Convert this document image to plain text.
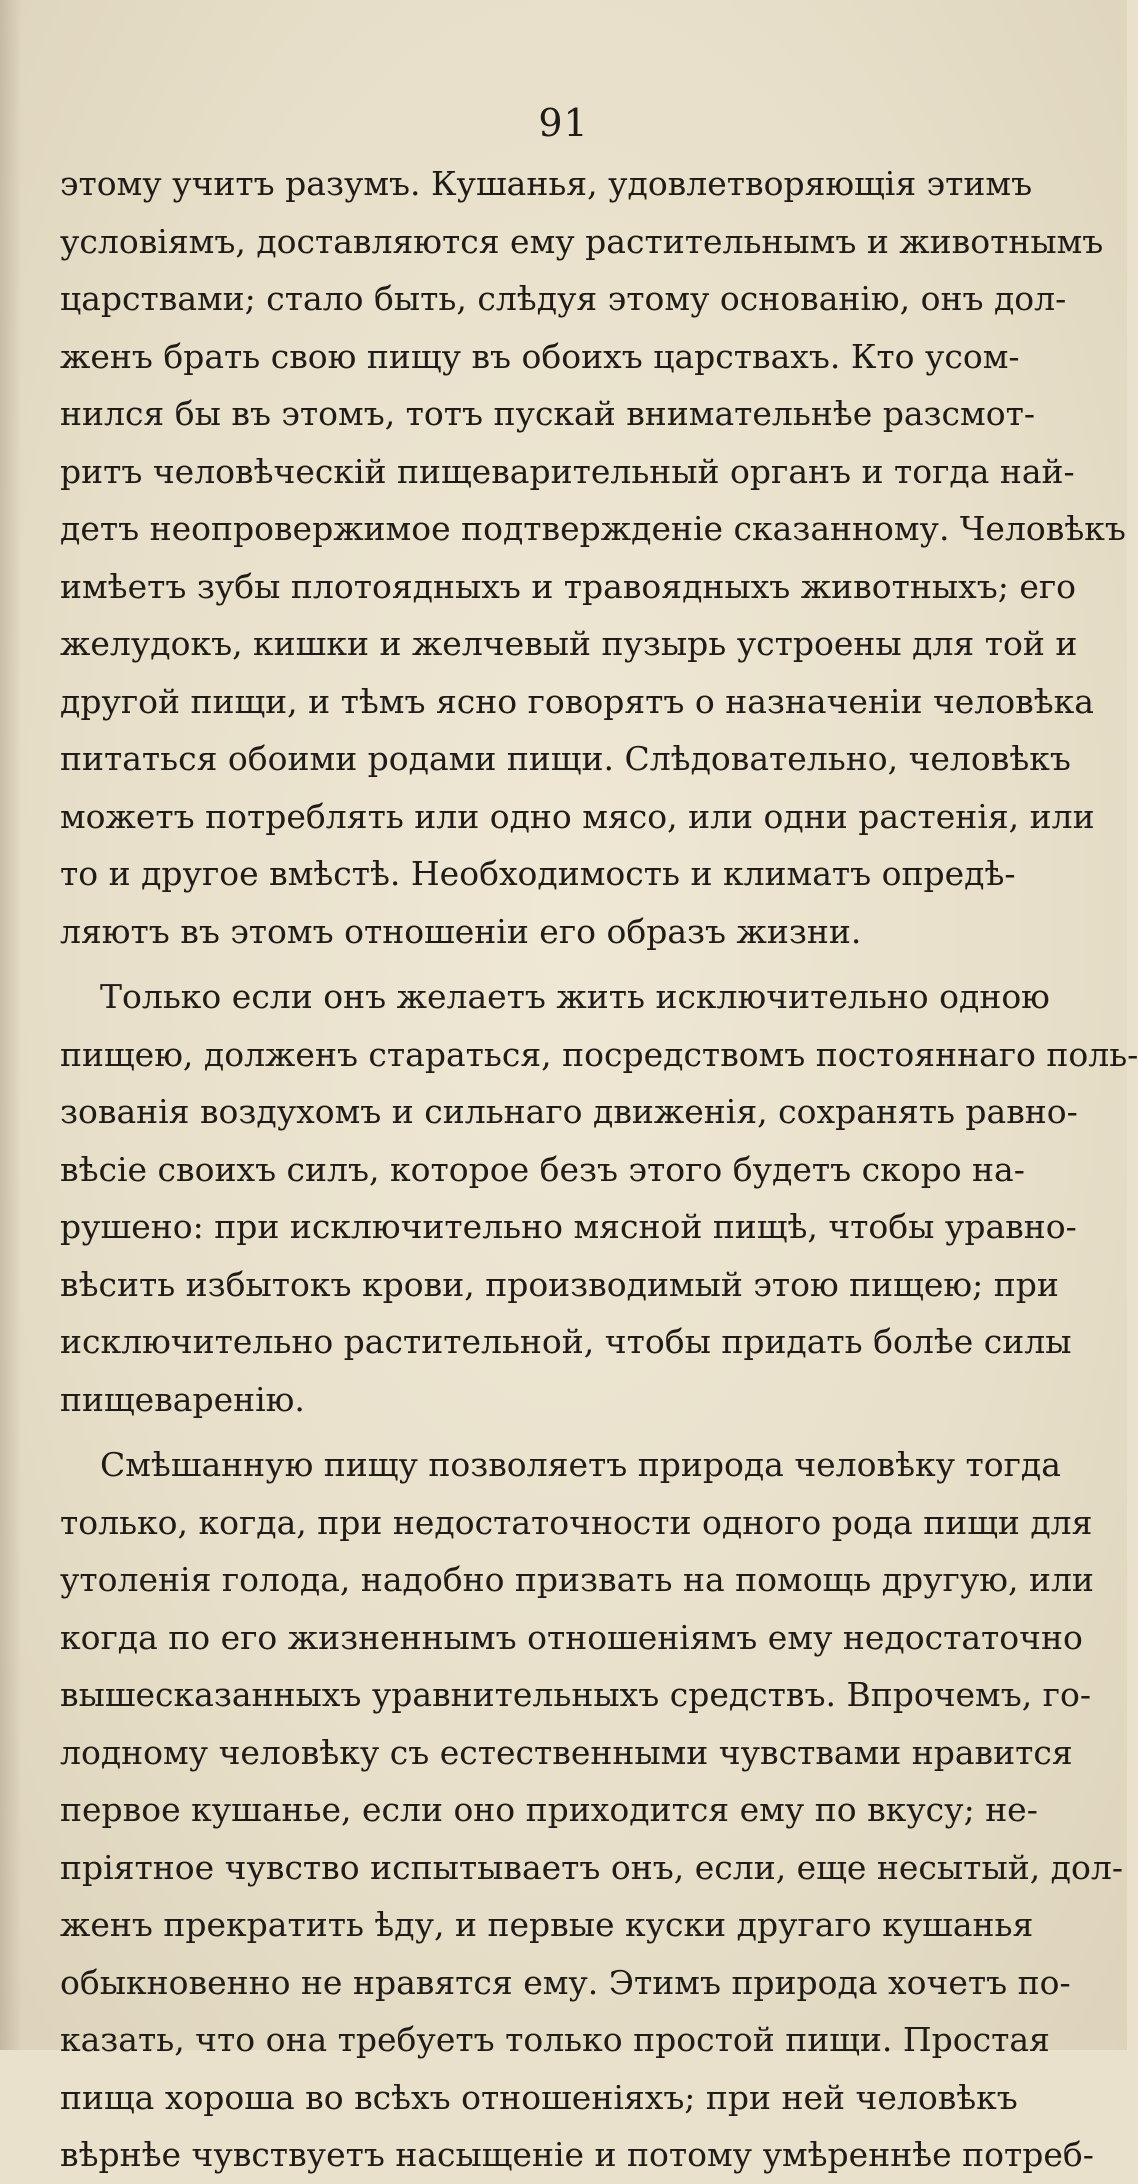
91
этому учитъ разумъ. Кушанья, удовлетворяющія этимъ
условіямъ, доставляются ему растительнымъ и животнымъ
царствами; стало быть, слѣдуя этому основанію, онъ дол-
женъ брать свою пищу въ обоихъ царствахъ. Кто усом-
нился бы въ этомъ, тотъ пускай внимательнѣе разсмот-
ритъ человѣческій пищеварительный органъ и тогда най-
детъ неопровержимое подтвержденіе сказанному. Человѣкъ
имѣетъ зубы плотоядныхъ и травоядныхъ животныхъ; его
желудокъ, кишки и желчевый пузырь устроены для той и
другой пищи, и тѣмъ ясно говорятъ о назначеніи человѣка
питаться обоими родами пищи. Слѣдовательно, человѣкъ
можетъ потреблять или одно мясо, или одни растенія, или
то и другое вмѣстѣ. Необходимость и климатъ опредѣ-
ляютъ въ этомъ отношеніи его образъ жизни.
Только если онъ желаетъ жить исключительно одною
пищею, долженъ стараться, посредствомъ постояннаго поль-
зованія воздухомъ и сильнаго движенія, сохранять равно-
вѣсіе своихъ силъ, которое безъ этого будетъ скоро на-
рушено: при исключительно мясной пищѣ, чтобы уравно-
вѣсить избытокъ крови, производимый этою пищею; при
исключительно растительной, чтобы придать болѣе силы
пищеваренію.
Смѣшанную пищу позволяетъ природа человѣку тогда
только, когда, при недостаточности одного рода пищи для
утоленія голода, надобно призвать на помощь другую, или
когда по его жизненнымъ отношеніямъ ему недостаточно
вышесказанныхъ уравнительныхъ средствъ. Впрочемъ, го-
лодному человѣку съ естественными чувствами нравится
первое кушанье, если оно приходится ему по вкусу; не-
пріятное чувство испытываетъ онъ, если, еще несытый, дол-
женъ прекратить ѣду, и первые куски другаго кушанья
обыкновенно не нравятся ему. Этимъ природа хочетъ по-
казать, что она требуетъ только простой пищи. Простая
пища хороша во всѣхъ отношеніяхъ; при ней человѣкъ
вѣрнѣе чувствуетъ насыщеніе и потому умѣреннѣе потреб-
